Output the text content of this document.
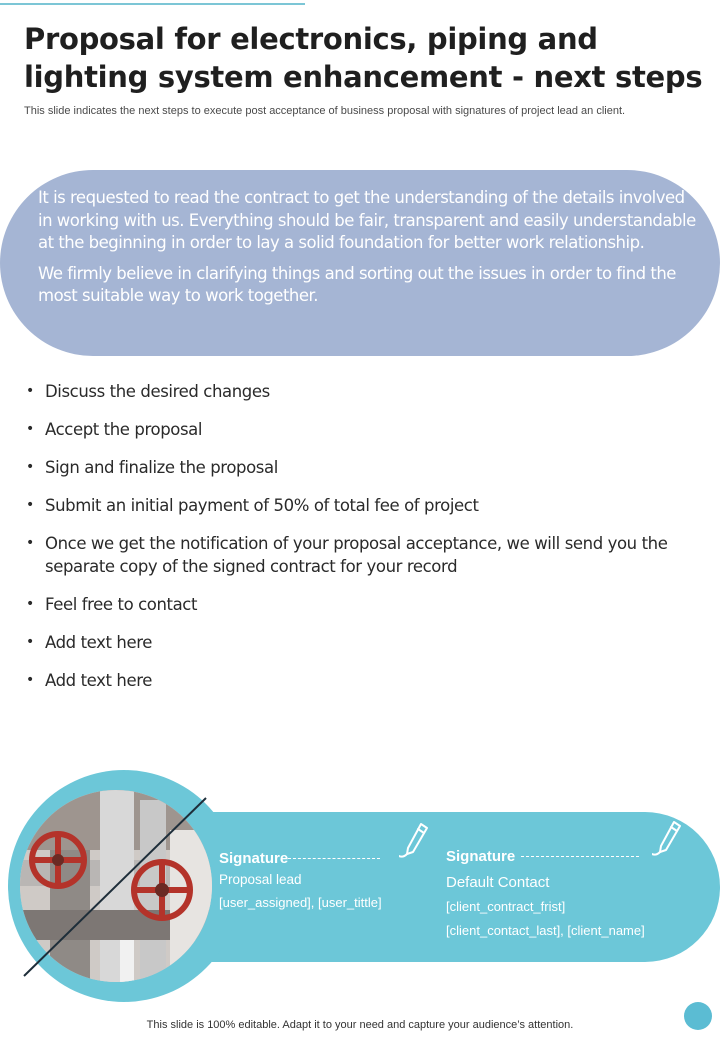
Proposal for electronics, piping and lighting system enhancement - next steps
This slide indicates the next steps to execute post acceptance of business proposal with signatures of project lead an client.

It is requested to read the contract to get the understanding of the details involved in working with us. Everything should be fair, transparent and easily understandable at the beginning in order to lay a solid foundation for better work relationship.

We firmly believe in clarifying things and sorting out the issues in order to find the most suitable way to work together.

• Discuss the desired changes
• Accept the proposal
• Sign and finalize the proposal
• Submit an initial payment of 50% of total fee of project
• Once we get the notification of your proposal acceptance, we will send you the separate copy of the signed contract for your record
• Feel free to contact
• Add text here
• Add text here
Signature
Proposal lead
[user_assigned], [user_tittle]
Signature
Default Contact
[client_contract_frist]
[client_contact_last], [client_name]
This slide is 100% editable. Adapt it to your need and capture your audience’s attention.
